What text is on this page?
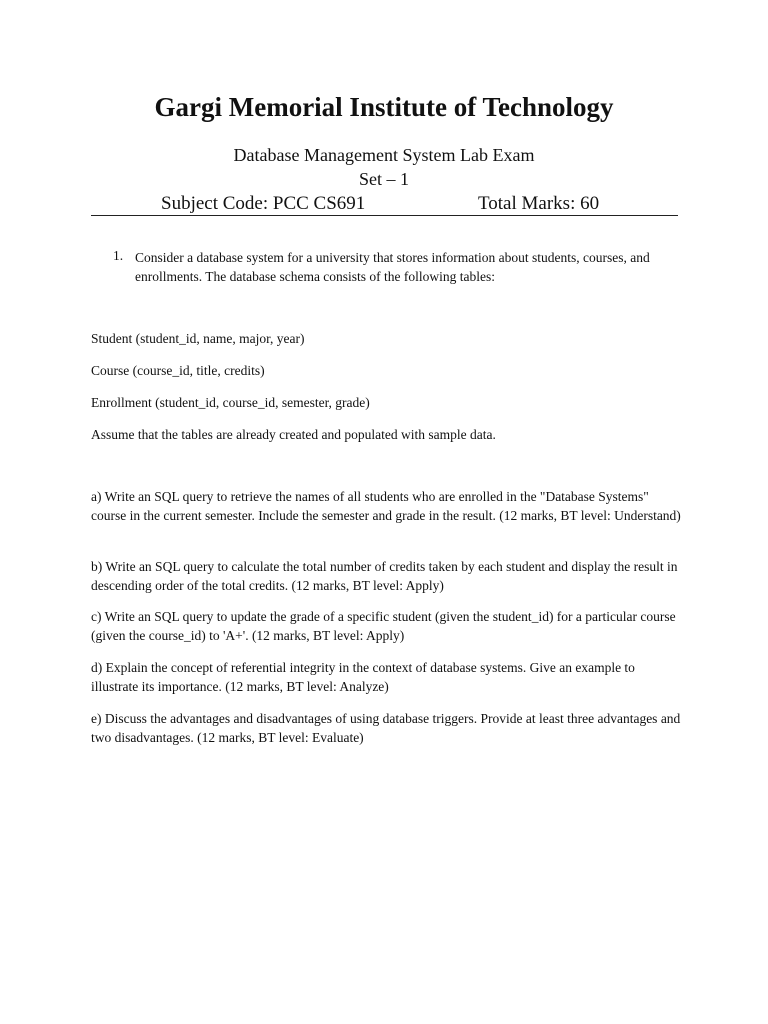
Gargi Memorial Institute of Technology
Database Management System Lab Exam
Set – 1
Subject Code: PCC CS691	Total Marks: 60
1. Consider a database system for a university that stores information about students, courses, and enrollments. The database schema consists of the following tables:
Student (student_id, name, major, year)
Course (course_id, title, credits)
Enrollment (student_id, course_id, semester, grade)
Assume that the tables are already created and populated with sample data.
a) Write an SQL query to retrieve the names of all students who are enrolled in the "Database Systems" course in the current semester. Include the semester and grade in the result. (12 marks, BT level: Understand)
b) Write an SQL query to calculate the total number of credits taken by each student and display the result in descending order of the total credits. (12 marks, BT level: Apply)
c) Write an SQL query to update the grade of a specific student (given the student_id) for a particular course (given the course_id) to 'A+'. (12 marks, BT level: Apply)
d) Explain the concept of referential integrity in the context of database systems. Give an example to illustrate its importance. (12 marks, BT level: Analyze)
e) Discuss the advantages and disadvantages of using database triggers. Provide at least three advantages and two disadvantages. (12 marks, BT level: Evaluate)
